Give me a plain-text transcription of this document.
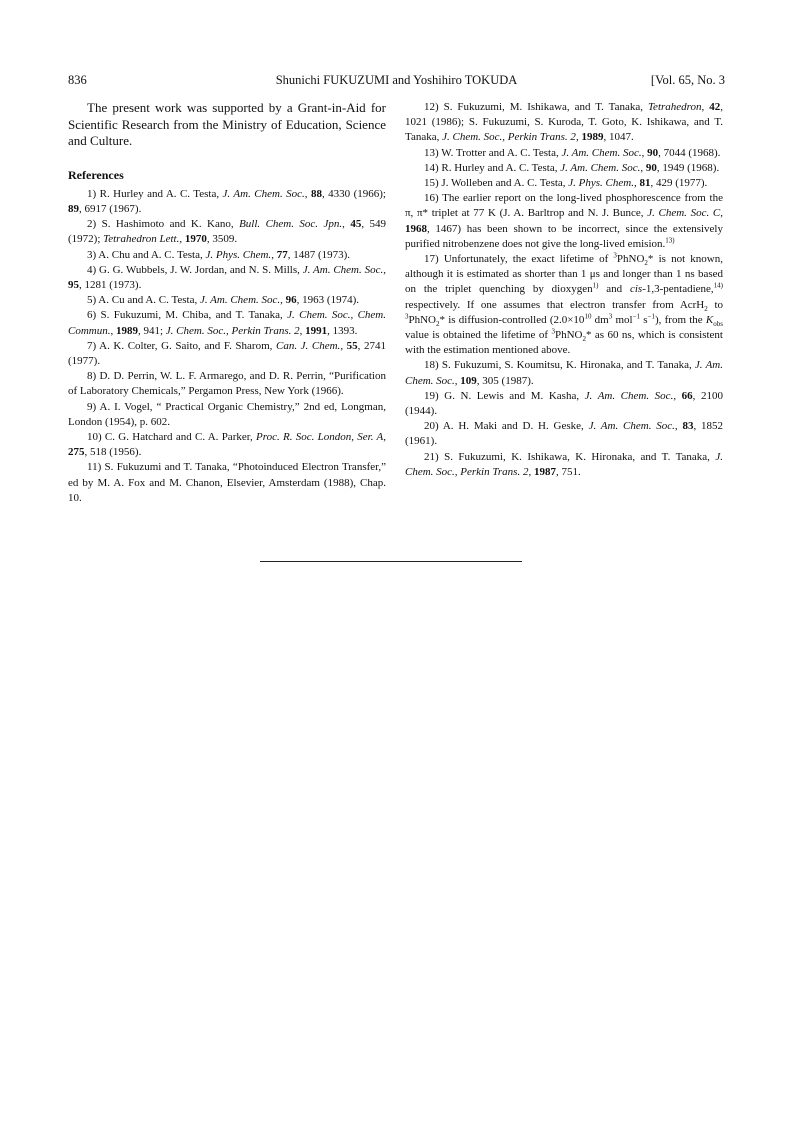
836	Shunichi FUKUZUMI and Yoshihiro TOKUDA	[Vol. 65, No. 3

The present work was supported by a Grant-in-Aid for Scientific Research from the Ministry of Education, Science and Culture.

References

1) R. Hurley and A. C. Testa, J. Am. Chem. Soc., 88, 4330 (1966); 89, 6917 (1967).

2) S. Hashimoto and K. Kano, Bull. Chem. Soc. Jpn., 45, 549 (1972); Tetrahedron Lett., 1970, 3509.

3) A. Chu and A. C. Testa, J. Phys. Chem., 77, 1487 (1973).

4) G. G. Wubbels, J. W. Jordan, and N. S. Mills, J. Am. Chem. Soc., 95, 1281 (1973).

5) A. Cu and A. C. Testa, J. Am. Chem. Soc., 96, 1963 (1974).

6) S. Fukuzumi, M. Chiba, and T. Tanaka, J. Chem. Soc., Chem. Commun., 1989, 941; J. Chem. Soc., Perkin Trans. 2, 1991, 1393.

7) A. K. Colter, G. Saito, and F. Sharom, Can. J. Chem., 55, 2741 (1977).

8) D. D. Perrin, W. L. F. Armarego, and D. R. Perrin, “Purification of Laboratory Chemicals,” Pergamon Press, New York (1966).

9) A. I. Vogel, “ Practical Organic Chemistry,” 2nd ed, Longman, London (1954), p. 602.

10) C. G. Hatchard and C. A. Parker, Proc. R. Soc. London, Ser. A, 275, 518 (1956).

11) S. Fukuzumi and T. Tanaka, “Photoinduced Electron Transfer,” ed by M. A. Fox and M. Chanon, Elsevier, Amsterdam (1988), Chap. 10.

12) S. Fukuzumi, M. Ishikawa, and T. Tanaka, Tetrahedron, 42, 1021 (1986); S. Fukuzumi, S. Kuroda, T. Goto, K. Ishikawa, and T. Tanaka, J. Chem. Soc., Perkin Trans. 2, 1989, 1047.

13) W. Trotter and A. C. Testa, J. Am. Chem. Soc., 90, 7044 (1968).

14) R. Hurley and A. C. Testa, J. Am. Chem. Soc., 90, 1949 (1968).

15) J. Wolleben and A. C. Testa, J. Phys. Chem., 81, 429 (1977).

16) The earlier report on the long-lived phosphorescence from the π, π* triplet at 77 K (J. A. Barltrop and N. J. Bunce, J. Chem. Soc. C, 1968, 1467) has been shown to be incorrect, since the extensively purified nitrobenzene does not give the long-lived emision.$^{13)}$

17) Unfortunately, the exact lifetime of $^3$PhNO$_2$* is not known, although it is estimated as shorter than 1 μs and longer than 1 ns based on the triplet quenching by dioxygen$^{1)}$ and cis-1,3-pentadiene,$^{14)}$ respectively. If one assumes that electron transfer from AcrH$_2$ to $^3$PhNO$_2$* is diffusion-controlled ($2.0\times 10^{10}$ $dm^3$ mol$^{-1}$ $s^{-1}$), from the $K_{obs}$ value is obtained the lifetime of $^3$PhNO$_2$* as 60 ns, which is consistent with the estimation mentioned above.

18) S. Fukuzumi, S. Koumitsu, K. Hironaka, and T. Tanaka, J. Am. Chem. Soc., 109, 305 (1987).

19) G. N. Lewis and M. Kasha, J. Am. Chem. Soc., 66, 2100 (1944).

20) A. H. Maki and D. H. Geske, J. Am. Chem. Soc., 83, 1852 (1961).

21) S. Fukuzumi, K. Ishikawa, K. Hironaka, and T. Tanaka, J. Chem. Soc., Perkin Trans. 2, 1987, 751.
